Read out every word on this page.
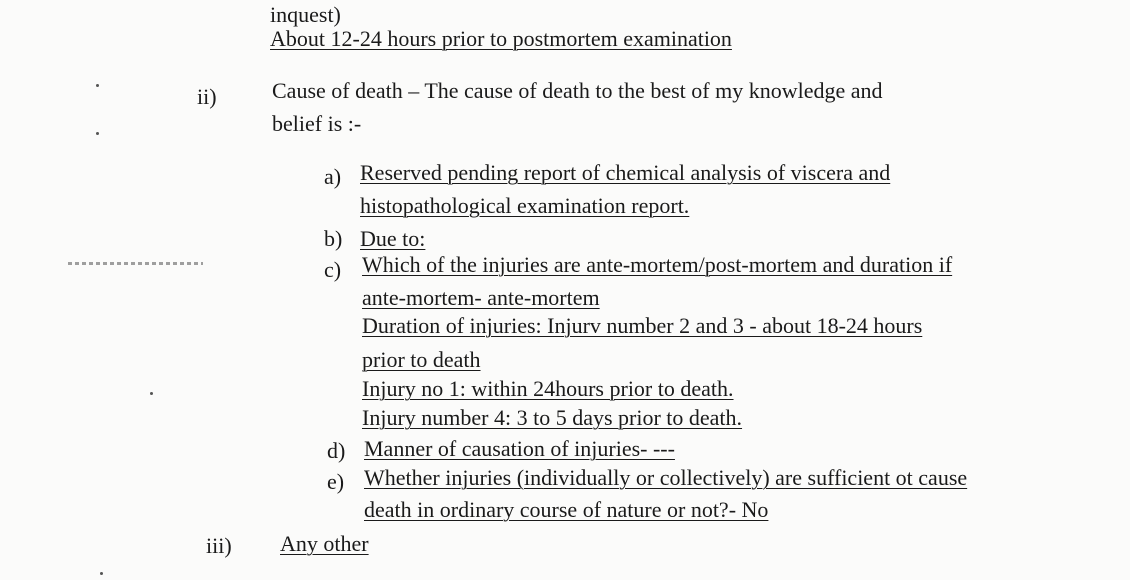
inquest)
About 12-24 hours prior to postmortem examination
ii)	Cause of death – The cause of death to the best of my knowledge and
belief is :-
a) Reserved pending report of chemical analysis of viscera and
histopathological examination report.
b) Due to:
c) Which of the injuries are ante-mortem/post-mortem and duration if
ante-mortem- ante-mortem
Duration of injuries: Injurv number 2 and 3 - about 18-24 hours
prior to death
Injury no 1: within 24hours prior to death.
Injury number 4: 3 to 5 days prior to death.
d) Manner of causation of injuries- ---
e) Whether injuries (individually or collectively) are sufficient ot cause
death in ordinary course of nature or not?- No
iii) Any other
